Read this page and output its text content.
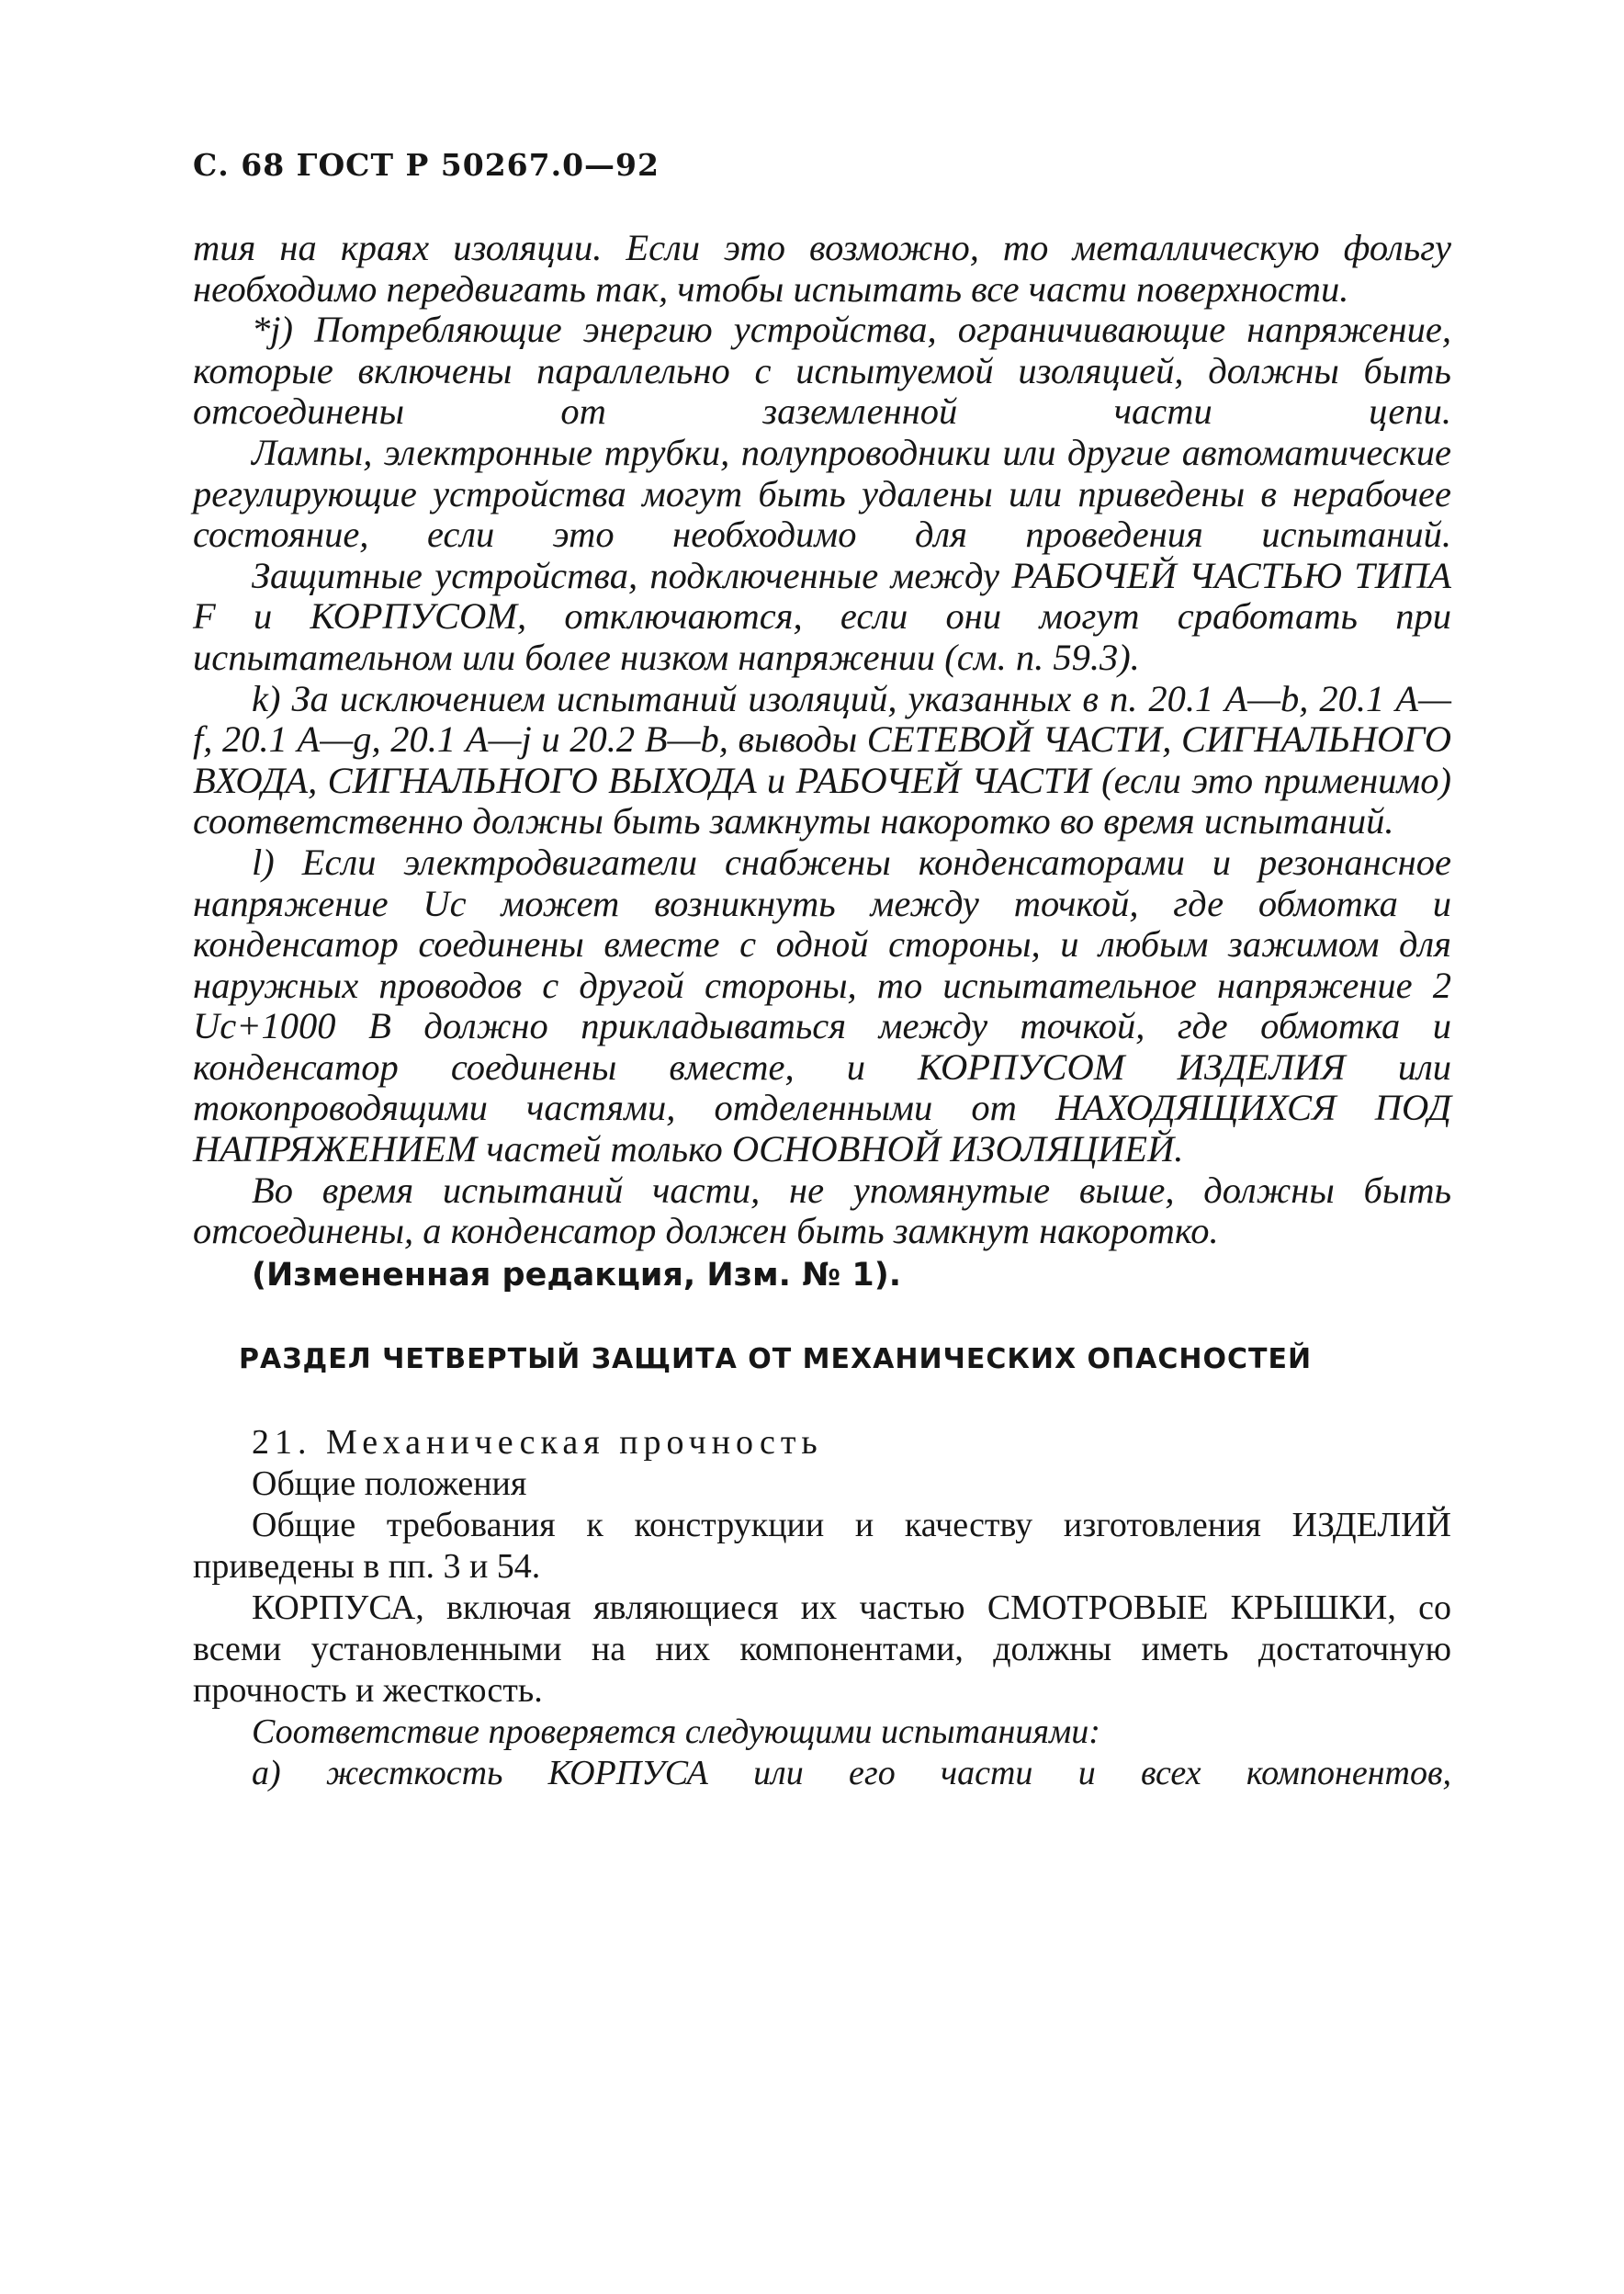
С. 68 ГОСТ Р 50267.0—92

тия на краях изоляции. Если это возможно, то металлическую фольгу необходимо передвигать так, чтобы испытать все части поверхности.

*j) Потребляющие энергию устройства, ограничивающие напряжение, которые включены параллельно с испытуемой изоляцией, должны быть отсоединены от заземленной части цепи.

Лампы, электронные трубки, полупроводники или другие автоматические регулирующие устройства могут быть удалены или приведены в нерабочее состояние, если это необходимо для проведения испытаний.

Защитные устройства, подключенные между РАБОЧЕЙ ЧАСТЬЮ ТИПА F и КОРПУСОМ, отключаются, если они могут сработать при испытательном или более низком напряжении (см. п. 59.3).

k) За исключением испытаний изоляций, указанных в п. 20.1 А—b, 20.1 А—f, 20.1 А—g, 20.1 А—j и 20.2 В—b, выводы СЕТЕВОЙ ЧАСТИ, СИГНАЛЬНОГО ВХОДА, СИГНАЛЬНОГО ВЫХОДА и РАБОЧЕЙ ЧАСТИ (если это применимо) соответственно должны быть замкнуты накоротко во время испытаний.

l) Если электродвигатели снабжены конденсаторами и резонансное напряжение Uc может возникнуть между точкой, где обмотка и конденсатор соединены вместе с одной стороны, и любым зажимом для наружных проводов с другой стороны, то испытательное напряжение 2 Uc+1000 В должно прикладываться между точкой, где обмотка и конденсатор соединены вместе, и КОРПУСОМ ИЗДЕЛИЯ или токопроводящими частями, отделенными от НАХОДЯЩИХСЯ ПОД НАПРЯЖЕНИЕМ частей только ОСНОВНОЙ ИЗОЛЯЦИЕЙ.

Во время испытаний части, не упомянутые выше, должны быть отсоединены, а конденсатор должен быть замкнут накоротко.

(Измененная редакция, Изм. № 1).

РАЗДЕЛ ЧЕТВЕРТЫЙ ЗАЩИТА ОТ МЕХАНИЧЕСКИХ ОПАСНОСТЕЙ

21. Механическая прочность

Общие положения

Общие требования к конструкции и качеству изготовления ИЗДЕЛИЙ приведены в пп. 3 и 54.

КОРПУСА, включая являющиеся их частью СМОТРОВЫЕ КРЫШКИ, со всеми установленными на них компонентами, должны иметь достаточную прочность и жесткость.

Соответствие проверяется следующими испытаниями:

а) жесткость КОРПУСА или его части и всех компонентов,
